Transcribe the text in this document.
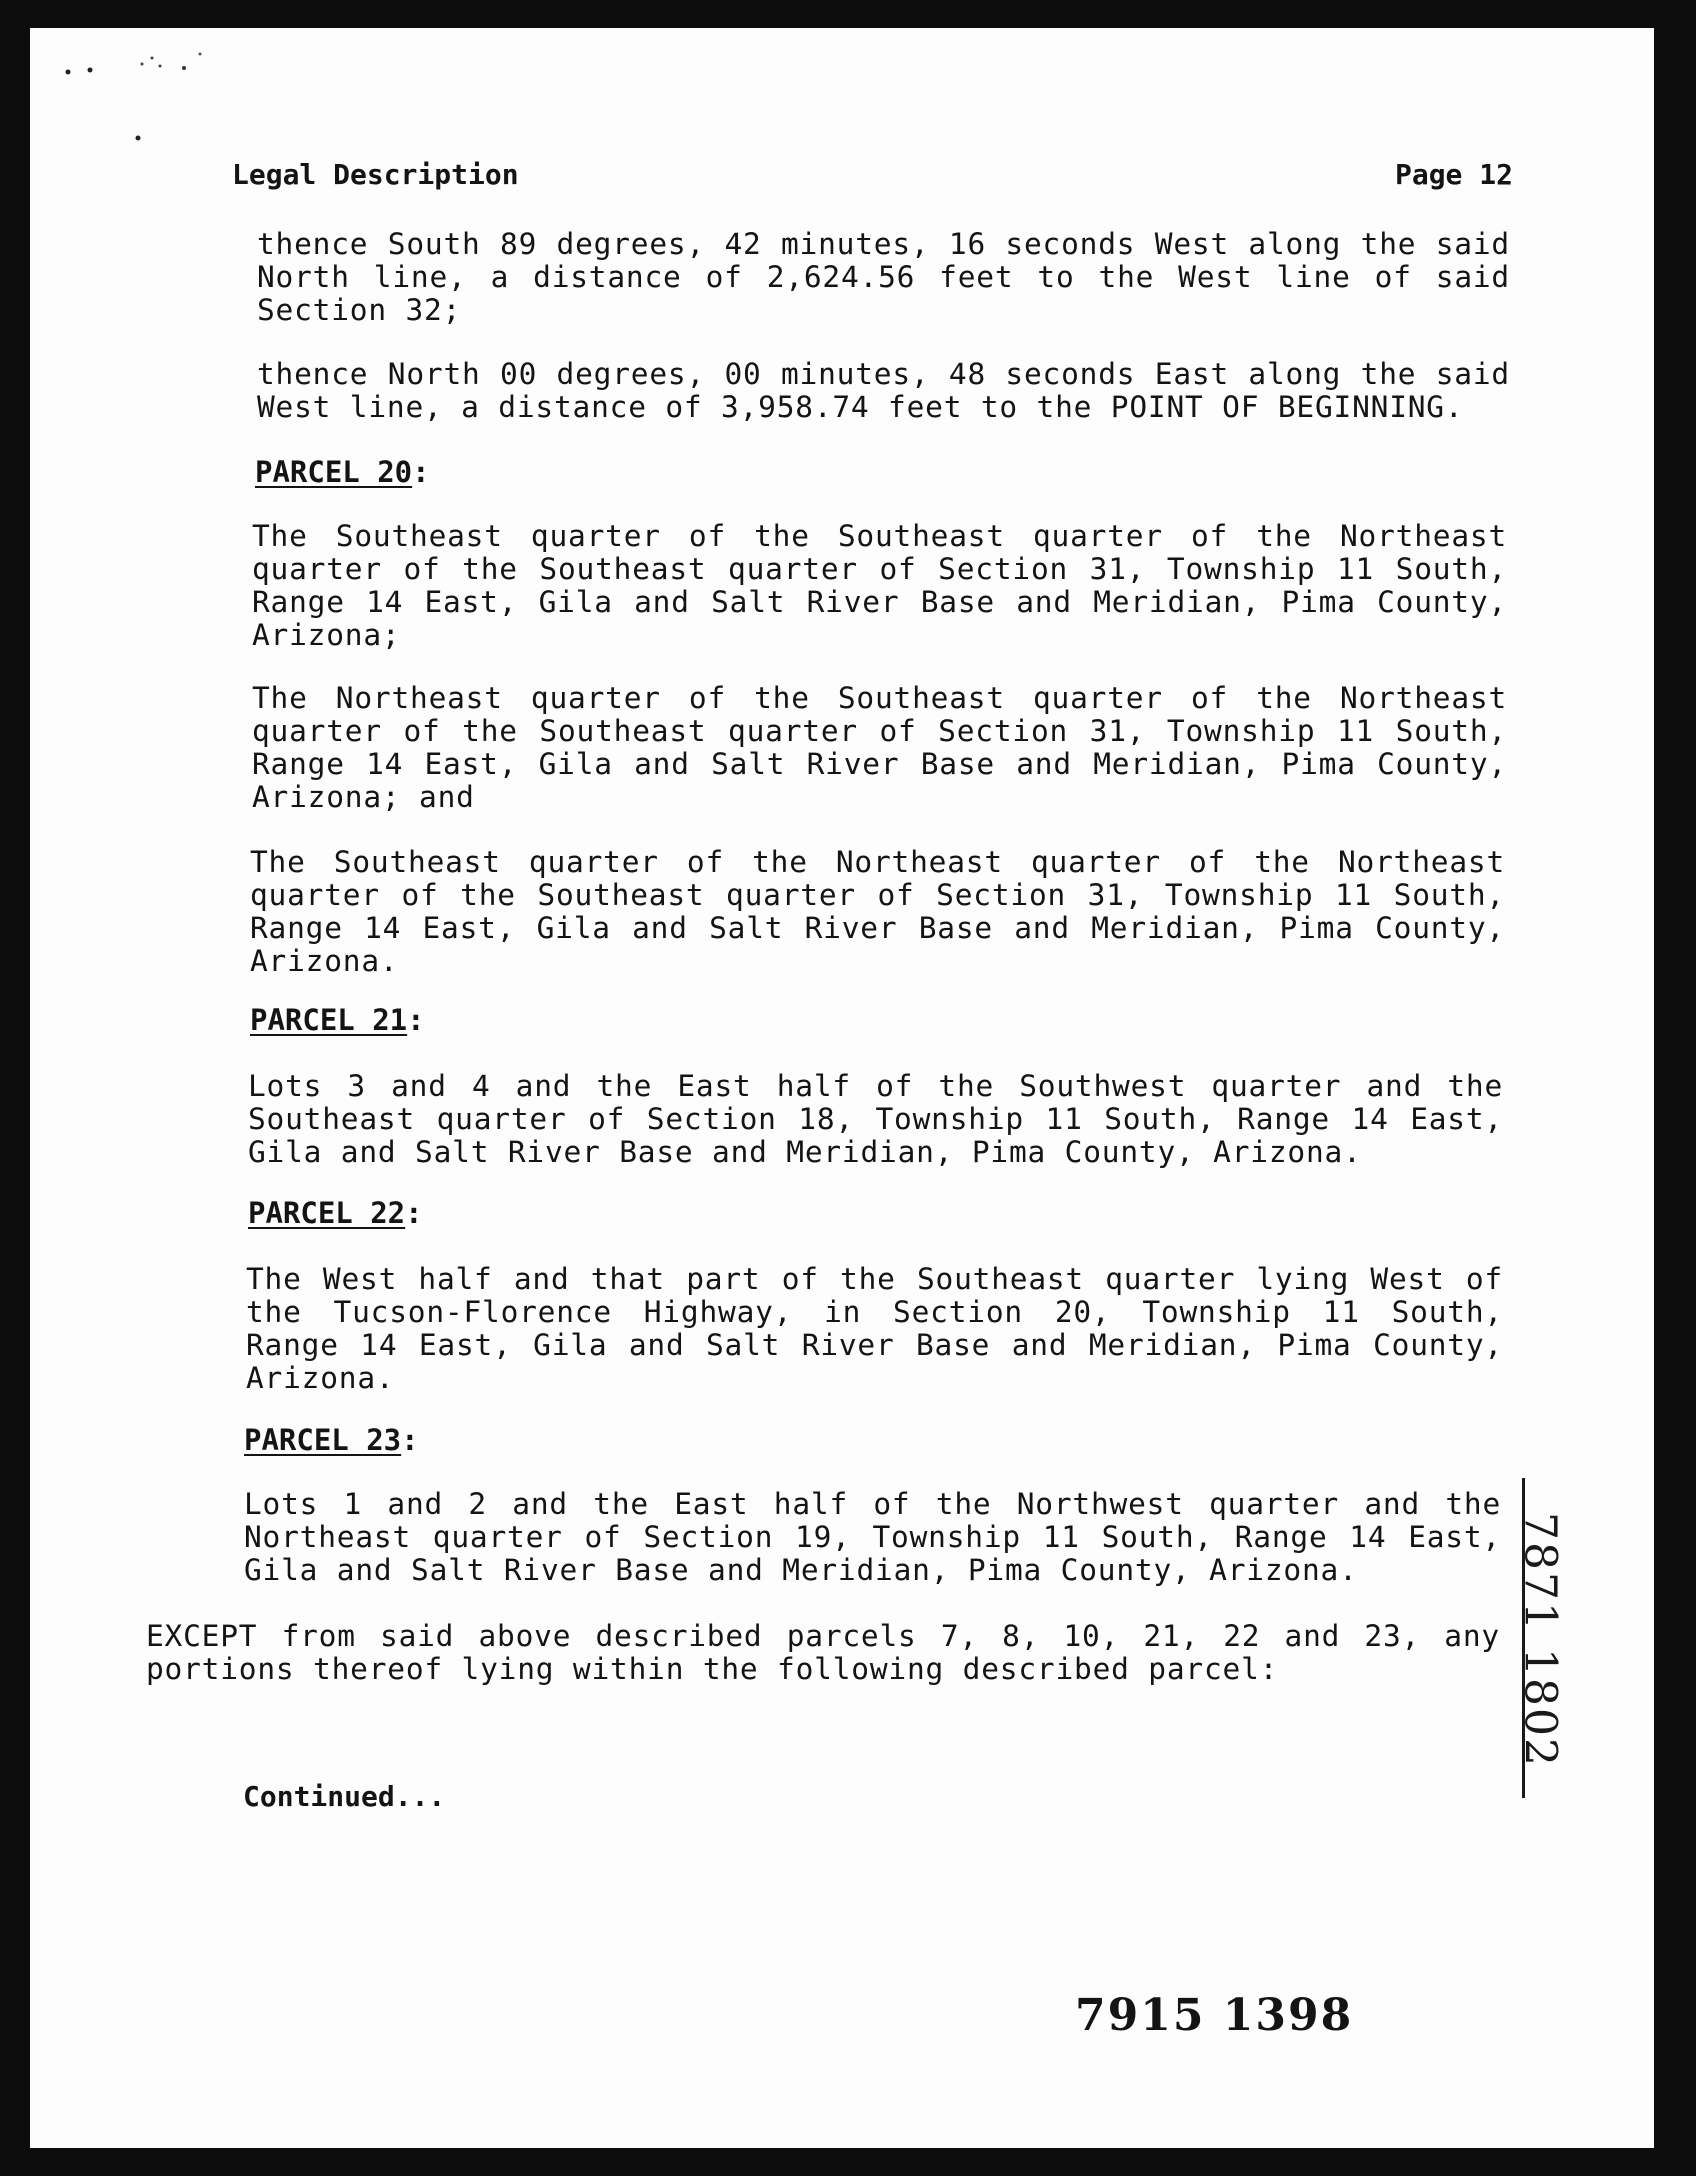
Legal Description	Page 12
thence South 89 degrees, 42 minutes, 16 seconds West along the said North line, a distance of 2,624.56 feet to the West line of said Section 32;
thence North 00 degrees, 00 minutes, 48 seconds East along the said West line, a distance of 3,958.74 feet to the POINT OF BEGINNING.
PARCEL 20:
The Southeast quarter of the Southeast quarter of the Northeast quarter of the Southeast quarter of Section 31, Township 11 South, Range 14 East, Gila and Salt River Base and Meridian, Pima County, Arizona;
The Northeast quarter of the Southeast quarter of the Northeast quarter of the Southeast quarter of Section 31, Township 11 South, Range 14 East, Gila and Salt River Base and Meridian, Pima County, Arizona; and
The Southeast quarter of the Northeast quarter of the Northeast quarter of the Southeast quarter of Section 31, Township 11 South, Range 14 East, Gila and Salt River Base and Meridian, Pima County, Arizona.
PARCEL 21:
Lots 3 and 4 and the East half of the Southwest quarter and the Southeast quarter of Section 18, Township 11 South, Range 14 East, Gila and Salt River Base and Meridian, Pima County, Arizona.
PARCEL 22:
The West half and that part of the Southeast quarter lying West of the Tucson-Florence Highway, in Section 20, Township 11 South, Range 14 East, Gila and Salt River Base and Meridian, Pima County, Arizona.
PARCEL 23:
Lots 1 and 2 and the East half of the Northwest quarter and the Northeast quarter of Section 19, Township 11 South, Range 14 East, Gila and Salt River Base and Meridian, Pima County, Arizona.
EXCEPT from said above described parcels 7, 8, 10, 21, 22 and 23, any portions thereof lying within the following described parcel:
Continued...
7871 1802
7915 1398
